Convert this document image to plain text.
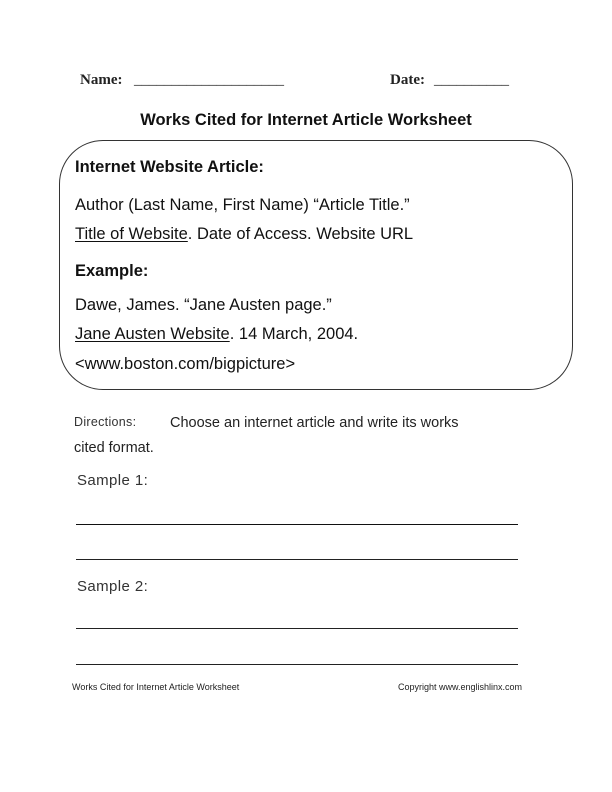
Name: ____________________	Date: __________
Works Cited for Internet Article Worksheet
Internet Website Article:
Author (Last Name, First Name) “Article Title.”
Title of Website. Date of Access. Website URL
Example:
Dawe, James. “Jane Austen page.”
Jane Austen Website. 14 March, 2004.
<www.boston.com/bigpicture>
Directions: Choose an internet article and write its works
cited format.
Sample 1:
Sample 2:
Works Cited for Internet Article Worksheet	Copyright www.englishlinx.com
